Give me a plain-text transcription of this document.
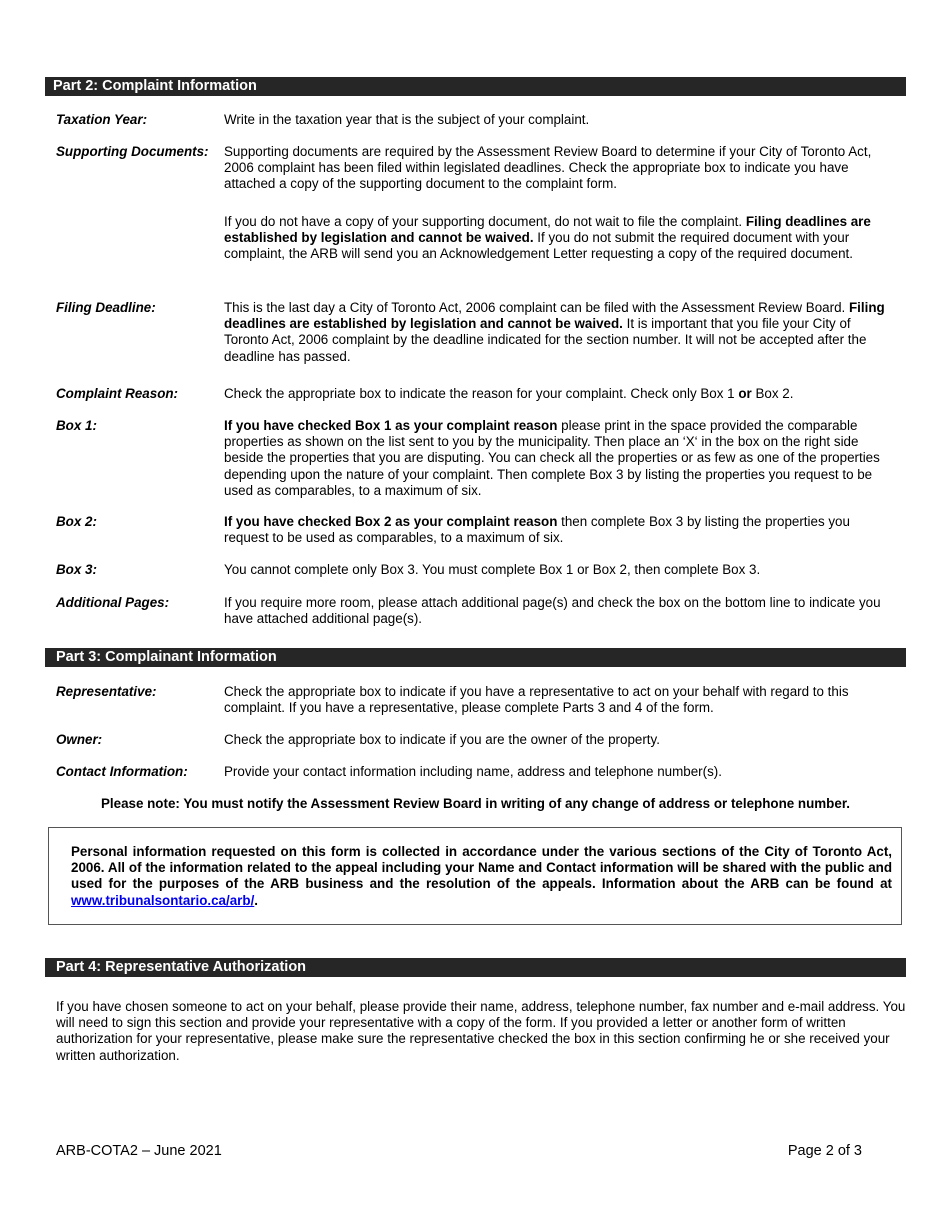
Part 2: Complaint Information
Taxation Year:	Write in the taxation year that is the subject of your complaint.
Supporting Documents: Supporting documents are required by the Assessment Review Board to determine if your City of Toronto Act, 2006 complaint has been filed within legislated deadlines. Check the appropriate box to indicate you have attached a copy of the supporting document to the complaint form.
If you do not have a copy of your supporting document, do not wait to file the complaint. Filing deadlines are established by legislation and cannot be waived. If you do not submit the required document with your complaint, the ARB will send you an Acknowledgement Letter requesting a copy of the required document.
Filing Deadline:	This is the last day a City of Toronto Act, 2006 complaint can be filed with the Assessment Review Board. Filing deadlines are established by legislation and cannot be waived. It is important that you file your City of Toronto Act, 2006 complaint by the deadline indicated for the section number. It will not be accepted after the deadline has passed.
Complaint Reason:	Check the appropriate box to indicate the reason for your complaint. Check only Box 1 or Box 2.
Box 1:	If you have checked Box 1 as your complaint reason please print in the space provided the comparable properties as shown on the list sent to you by the municipality. Then place an ‘X‘ in the box on the right side beside the properties that you are disputing. You can check all the properties or as few as one of the properties depending upon the nature of your complaint. Then complete Box 3 by listing the properties you request to be used as comparables, to a maximum of six.
Box 2:	If you have checked Box 2 as your complaint reason then complete Box 3 by listing the properties you request to be used as comparables, to a maximum of six.
Box 3:	You cannot complete only Box 3. You must complete Box 1 or Box 2, then complete Box 3.
Additional Pages:	If you require more room, please attach additional page(s) and check the box on the bottom line to indicate you have attached additional page(s).
Part 3: Complainant Information
Representative:	Check the appropriate box to indicate if you have a representative to act on your behalf with regard to this complaint. If you have a representative, please complete Parts 3 and 4 of the form.
Owner:	Check the appropriate box to indicate if you are the owner of the property.
Contact Information:	Provide your contact information including name, address and telephone number(s).
Please note: You must notify the Assessment Review Board in writing of any change of address or telephone number.
Personal information requested on this form is collected in accordance under the various sections of the City of Toronto Act, 2006. All of the information related to the appeal including your Name and Contact information will be shared with the public and used for the purposes of the ARB business and the resolution of the appeals. Information about the ARB can be found at www.tribunalsontario.ca/arb/.
Part 4: Representative Authorization
If you have chosen someone to act on your behalf, please provide their name, address, telephone number, fax number and e-mail address. You will need to sign this section and provide your representative with a copy of the form. If you provided a letter or another form of written authorization for your representative, please make sure the representative checked the box in this section confirming he or she received your written authorization.
ARB-COTA2 – June 2021	Page 2 of 3
